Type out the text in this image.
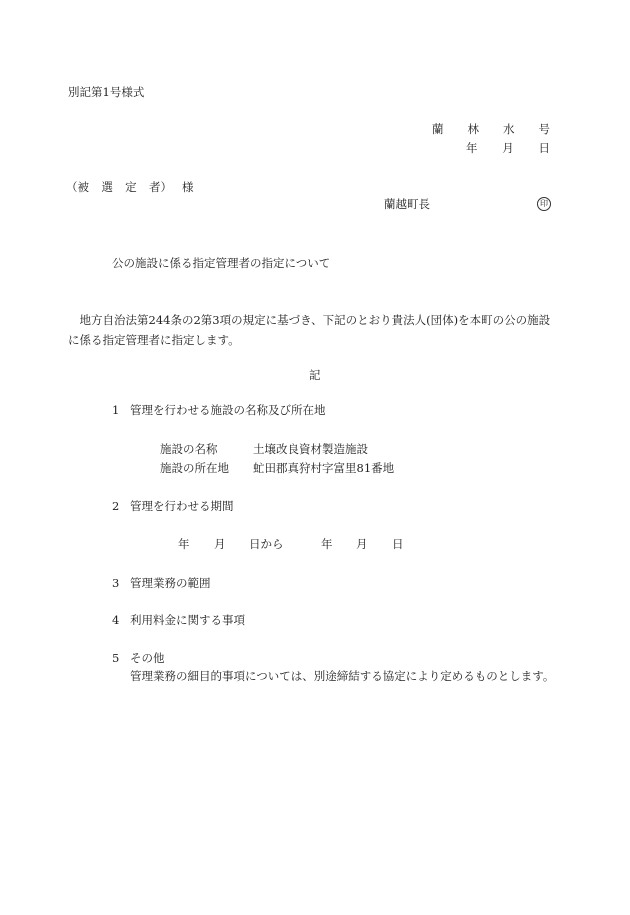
別記第1号様式
蘭 林 水 号
年 月 日
（被 選 定 者） 様
蘭越町長	印
公の施設に係る指定管理者の指定について
　地方自治法第244条の2第3項の規定に基づき、下記のとおり貴法人(団体)を本町の公の施設に係る指定管理者に指定します。
記
1 管理を行わせる施設の名称及び所在地
施設の名称	土壌改良資材製造施設
施設の所在地 虻田郡真狩村字富里81番地
2 管理を行わせる期間
年 月 日から	年 月 日
3 管理業務の範囲
4 利用料金に関する事項
5 その他
管理業務の細目的事項については、別途締結する協定により定めるものとします。
